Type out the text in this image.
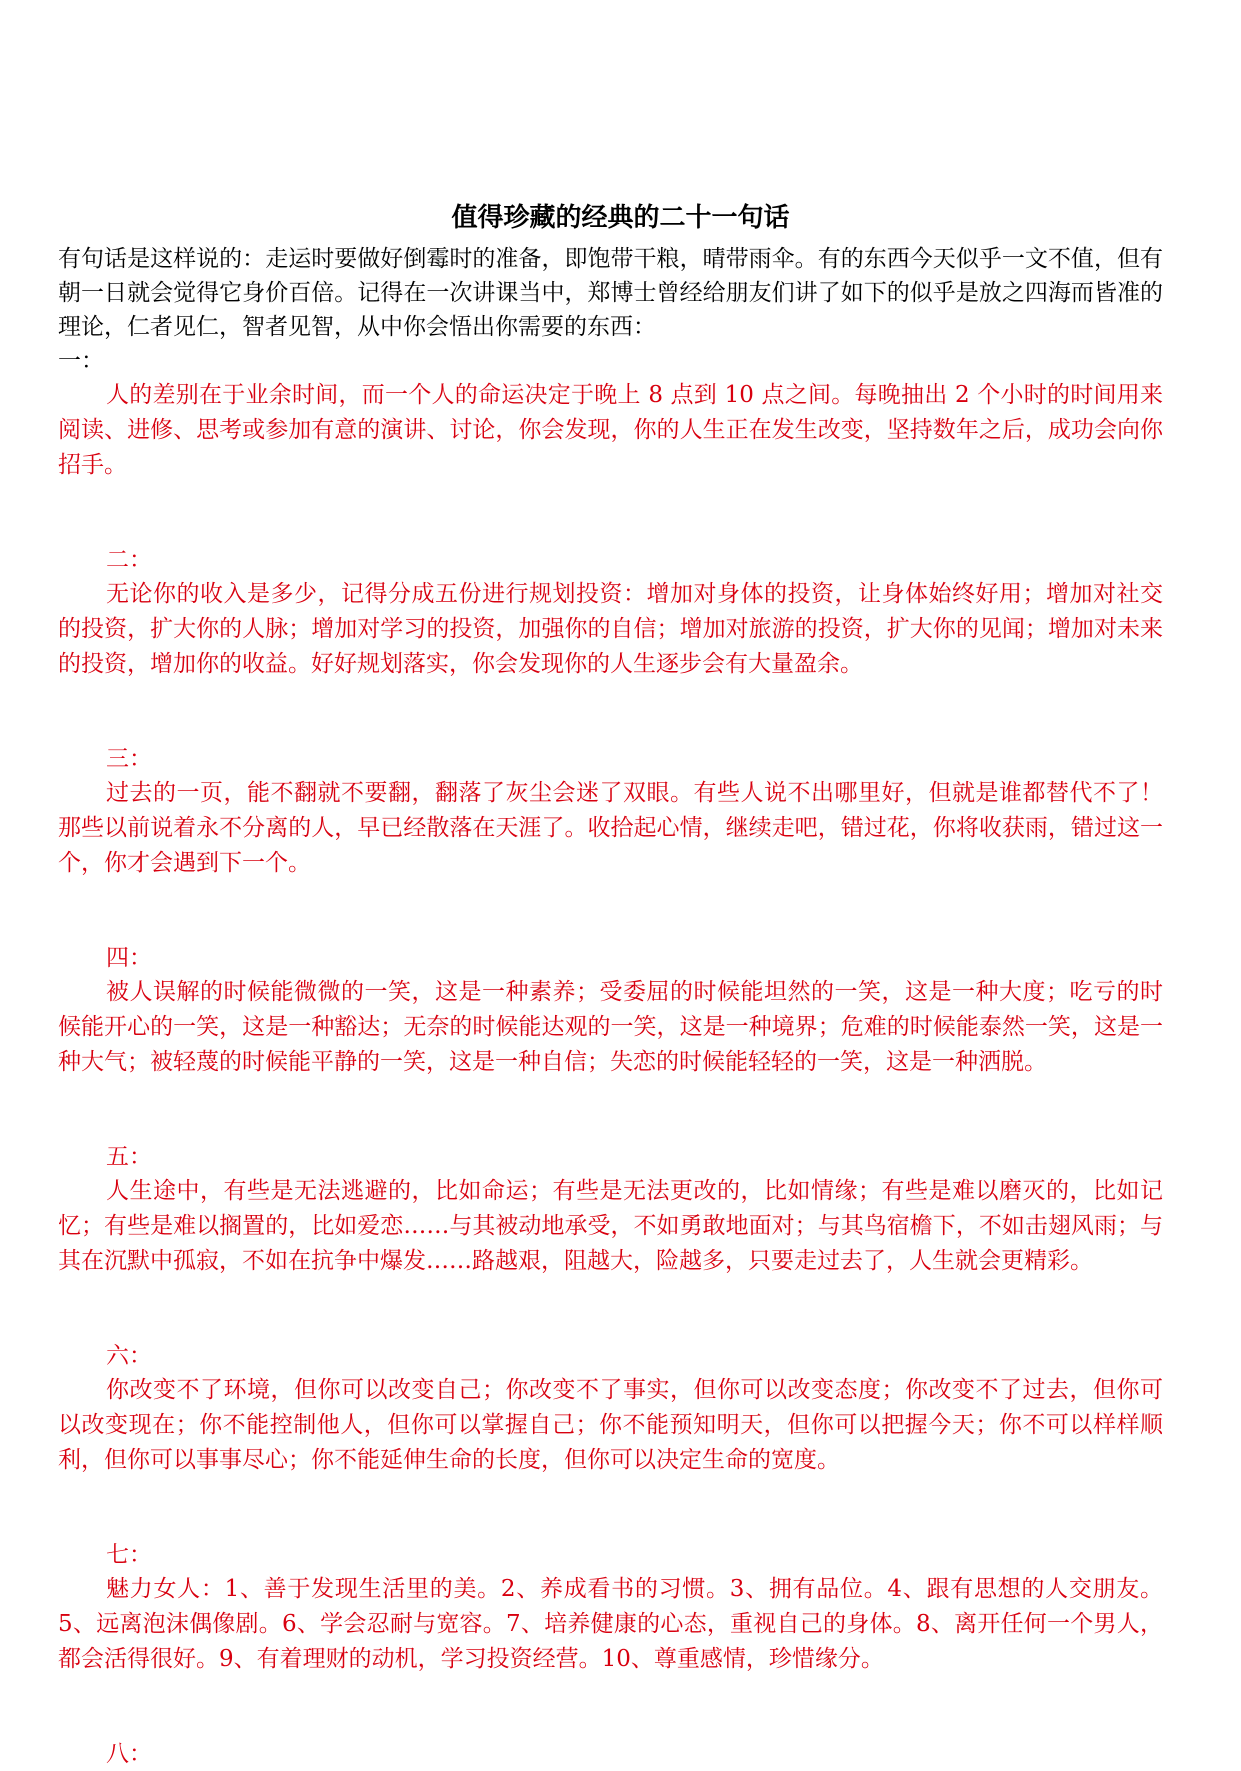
值得珍藏的经典的二十一句话

有句话是这样说的：走运时要做好倒霉时的准备，即饱带干粮，晴带雨伞。有的东西今天似乎一文不值，但有朝一日就会觉得它身价百倍。记得在一次讲课当中，郑博士曾经给朋友们讲了如下的似乎是放之四海而皆准的理论，仁者见仁，智者见智，从中你会悟出你需要的东西：

一：

人的差别在于业余时间，而一个人的命运决定于晚上 8 点到 10 点之间。每晚抽出 2 个小时的时间用来阅读、进修、思考或参加有意的演讲、讨论，你会发现，你的人生正在发生改变，坚持数年之后，成功会向你招手。

二：

无论你的收入是多少，记得分成五份进行规划投资：增加对身体的投资，让身体始终好用；增加对社交的投资，扩大你的人脉；增加对学习的投资，加强你的自信；增加对旅游的投资，扩大你的见闻；增加对未来的投资，增加你的收益。好好规划落实，你会发现你的人生逐步会有大量盈余。

三：

过去的一页，能不翻就不要翻，翻落了灰尘会迷了双眼。有些人说不出哪里好，但就是谁都替代不了！那些以前说着永不分离的人，早已经散落在天涯了。收拾起心情，继续走吧，错过花，你将收获雨，错过这一个，你才会遇到下一个。

四：

被人误解的时候能微微的一笑，这是一种素养；受委屈的时候能坦然的一笑，这是一种大度；吃亏的时候能开心的一笑，这是一种豁达；无奈的时候能达观的一笑，这是一种境界；危难的时候能泰然一笑，这是一种大气；被轻蔑的时候能平静的一笑，这是一种自信；失恋的时候能轻轻的一笑，这是一种洒脱。

五：

人生途中，有些是无法逃避的，比如命运；有些是无法更改的，比如情缘；有些是难以磨灭的，比如记忆；有些是难以搁置的，比如爱恋……与其被动地承受，不如勇敢地面对；与其鸟宿檐下，不如击翅风雨；与其在沉默中孤寂，不如在抗争中爆发……路越艰，阻越大，险越多，只要走过去了，人生就会更精彩。

六：

你改变不了环境，但你可以改变自己；你改变不了事实，但你可以改变态度；你改变不了过去，但你可以改变现在；你不能控制他人，但你可以掌握自己；你不能预知明天，但你可以把握今天；你不可以样样顺利，但你可以事事尽心；你不能延伸生命的长度，但你可以决定生命的宽度。

七：

魅力女人：1、善于发现生活里的美。2、养成看书的习惯。3、拥有品位。4、跟有思想的人交朋友。5、远离泡沫偶像剧。6、学会忍耐与宽容。7、培养健康的心态，重视自己的身体。8、离开任何一个男人，都会活得很好。9、有着理财的动机，学习投资经营。10、尊重感情，珍惜缘分。

八：
